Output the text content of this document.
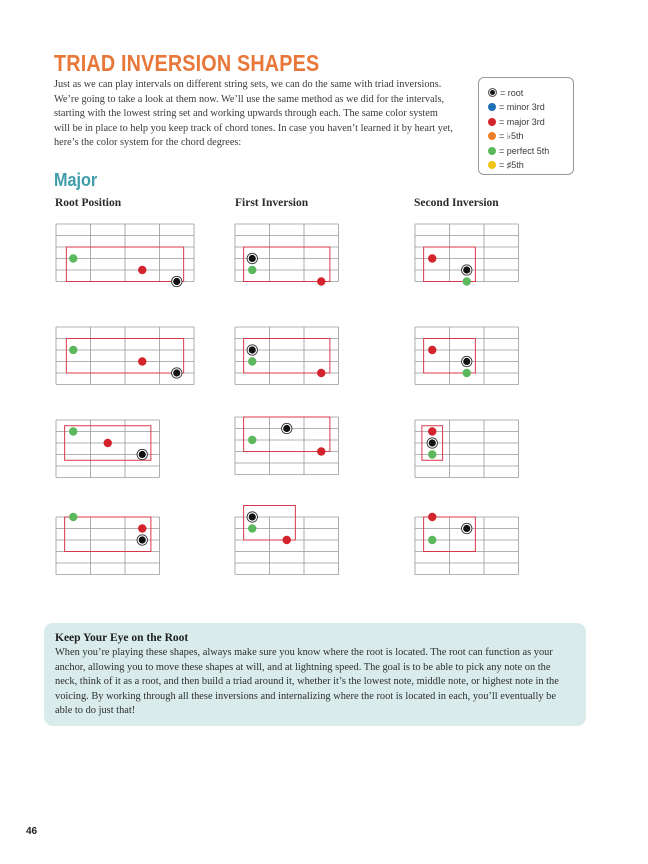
TRIAD INVERSION SHAPES

Just as we can play intervals on different string sets, we can do the same with triad inversions. We’re going to take a look at them now. We’ll use the same method as we did for the intervals, starting with the lowest string set and working upwards through each. The same color system will be in place to help you keep track of chord tones. In case you haven’t learned it by heart yet, here’s the color system for the chord degrees:

= root
= minor 3rd
= major 3rd
= ♭5th
= perfect 5th
= ♯5th
Major
Root Position	First Inversion	Second Inversion
Keep Your Eye on the Root

When you’re playing these shapes, always make sure you know where the root is located. The root can function as your anchor, allowing you to move these shapes at will, and at lightning speed. The goal is to be able to pick any note on the neck, think of it as a root, and then build a triad around it, whether it’s the lowest note, middle note, or highest note in the voicing. By working through all these inversions and internalizing where the root is located in each, you’ll eventually be able to do just that!

46
